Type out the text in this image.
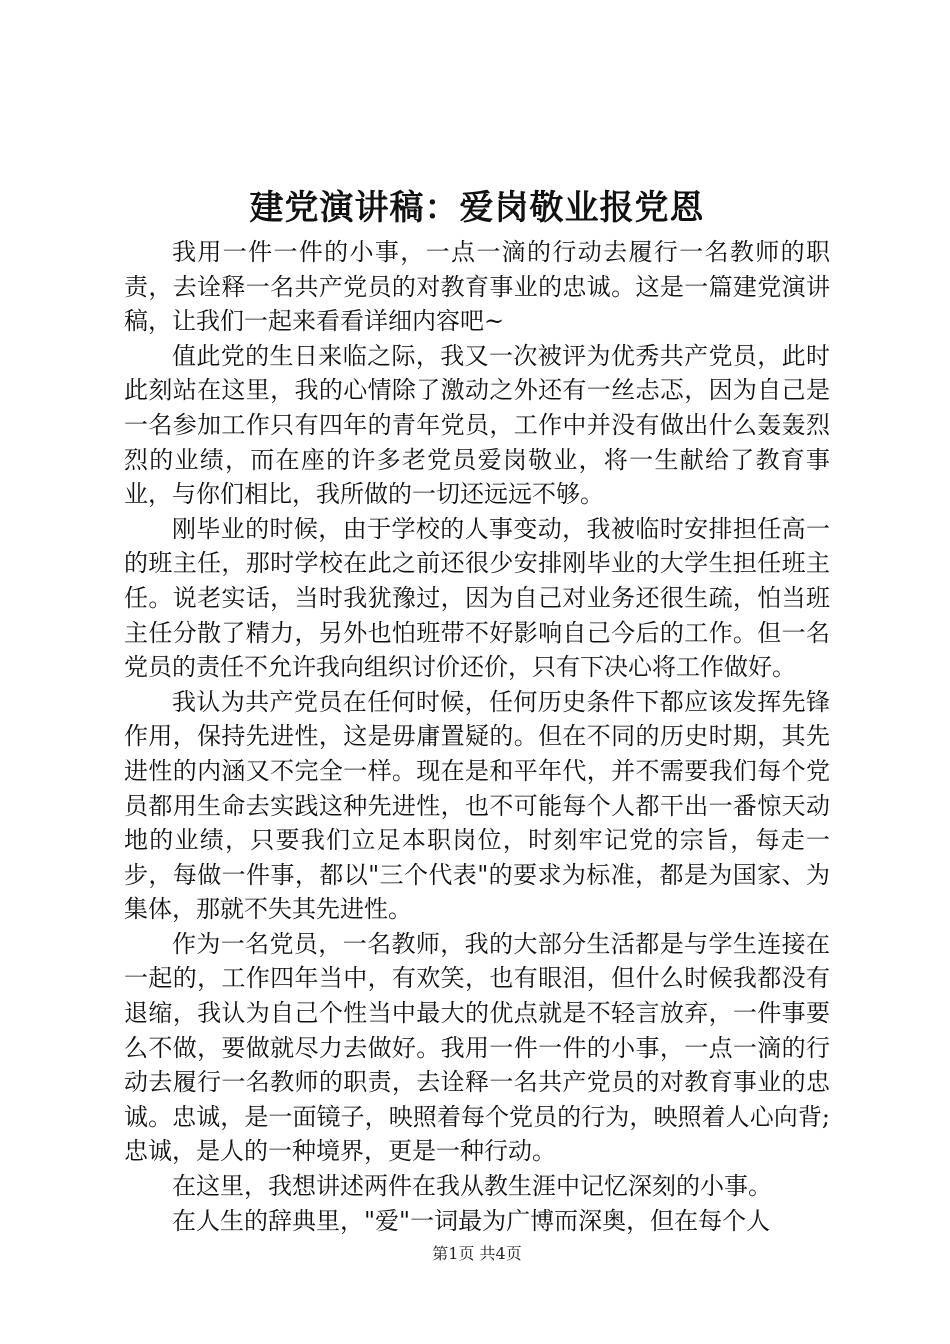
建党演讲稿：爱岗敬业报党恩

我用一件一件的小事，一点一滴的行动去履行一名教师的职责，去诠释一名共产党员的对教育事业的忠诚。这是一篇建党演讲稿，让我们一起来看看详细内容吧~

值此党的生日来临之际，我又一次被评为优秀共产党员，此时此刻站在这里，我的心情除了激动之外还有一丝忐忑，因为自己是一名参加工作只有四年的青年党员，工作中并没有做出什么轰轰烈烈的业绩，而在座的许多老党员爱岗敬业，将一生献给了教育事业，与你们相比，我所做的一切还远远不够。

刚毕业的时候，由于学校的人事变动，我被临时安排担任高一的班主任，那时学校在此之前还很少安排刚毕业的大学生担任班主任。说老实话，当时我犹豫过，因为自己对业务还很生疏，怕当班主任分散了精力，另外也怕班带不好影响自己今后的工作。但一名党员的责任不允许我向组织讨价还价，只有下决心将工作做好。

我认为共产党员在任何时候，任何历史条件下都应该发挥先锋作用，保持先进性，这是毋庸置疑的。但在不同的历史时期，其先进性的内涵又不完全一样。现在是和平年代，并不需要我们每个党员都用生命去实践这种先进性，也不可能每个人都干出一番惊天动地的业绩，只要我们立足本职岗位，时刻牢记党的宗旨，每走一步，每做一件事，都以"三个代表"的要求为标准，都是为国家、为集体，那就不失其先进性。

作为一名党员，一名教师，我的大部分生活都是与学生连接在一起的，工作四年当中，有欢笑，也有眼泪，但什么时候我都没有退缩，我认为自己个性当中最大的优点就是不轻言放弃，一件事要么不做，要做就尽力去做好。我用一件一件的小事，一点一滴的行动去履行一名教师的职责，去诠释一名共产党员的对教育事业的忠诚。忠诚，是一面镜子，映照着每个党员的行为，映照着人心向背;忠诚，是人的一种境界，更是一种行动。

在这里，我想讲述两件在我从教生涯中记忆深刻的小事。

在人生的辞典里，"爱"一词最为广博而深奥，但在每个人

第1页 共4页
